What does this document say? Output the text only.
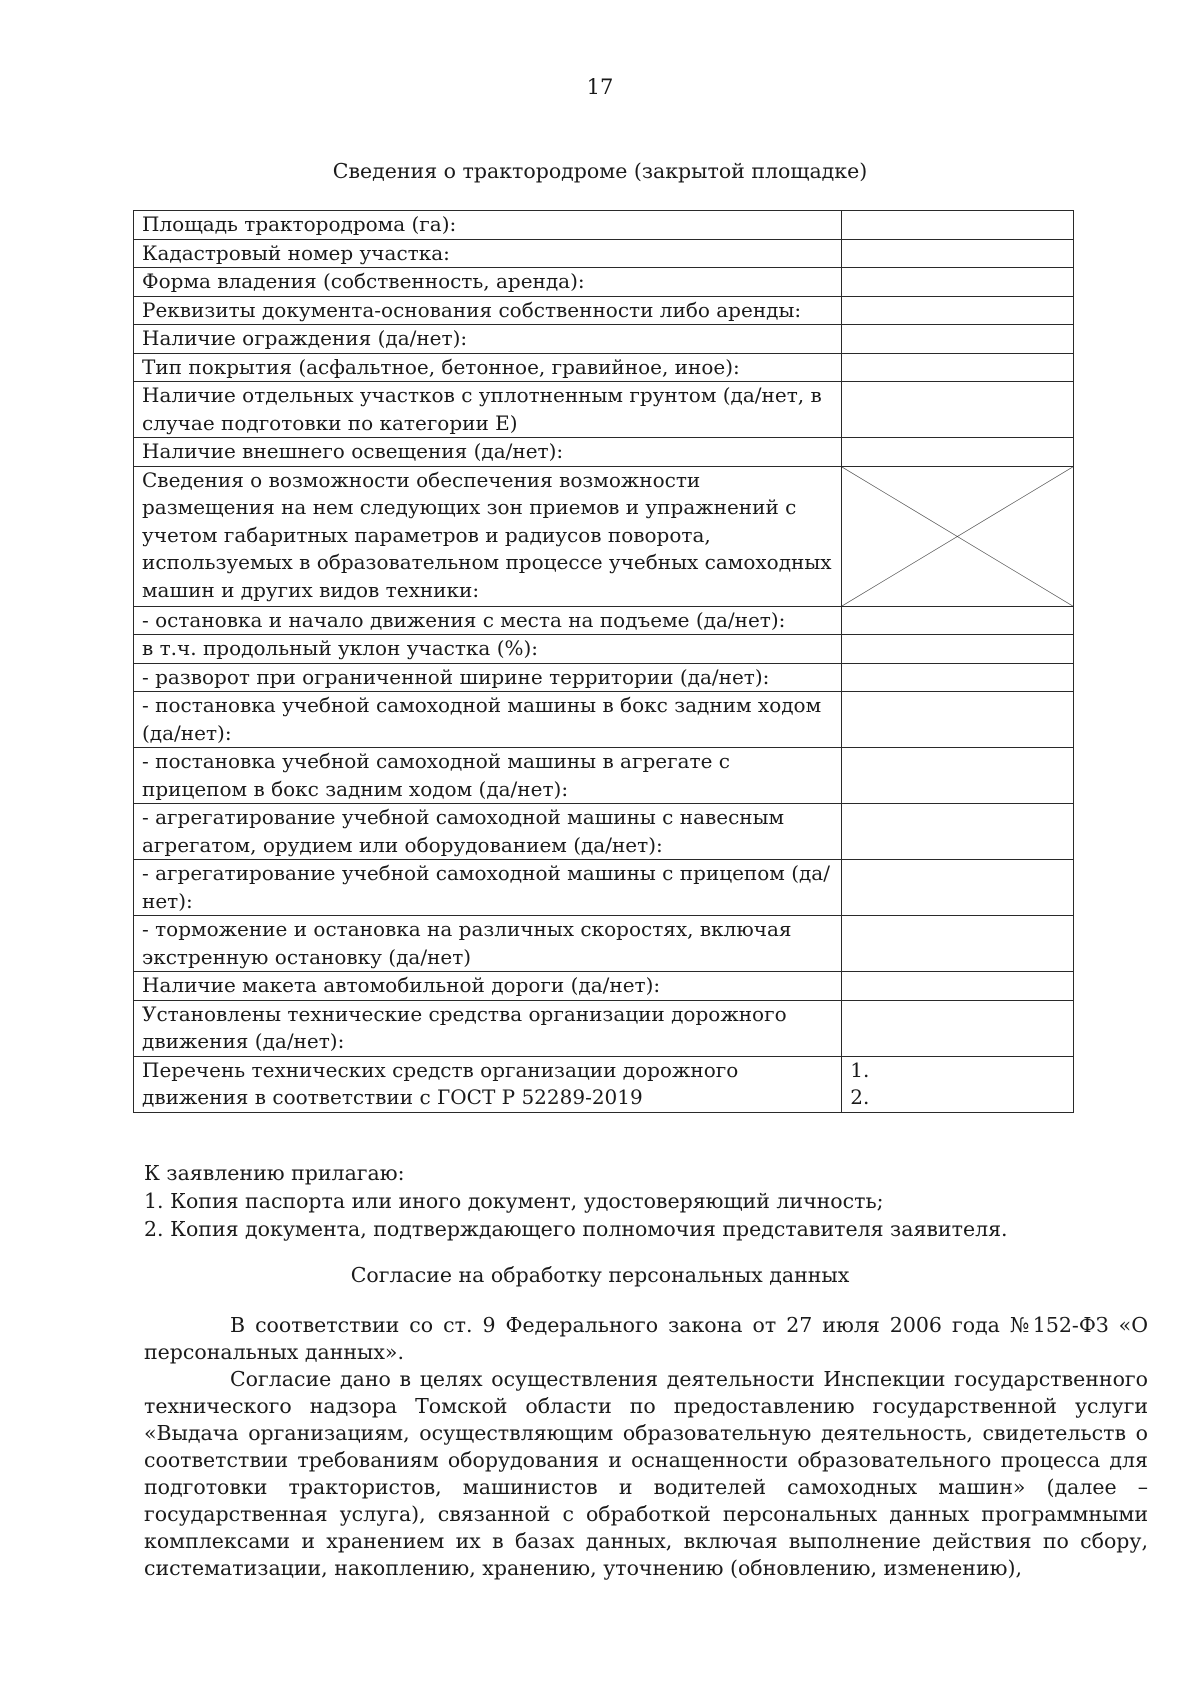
17
Сведения о трактородроме (закрытой площадке)
Площадь трактородрома (га):	
Кадастровый номер участка:	
Форма владения (собственность, аренда):	
Реквизиты документа-основания собственности либо аренды:	
Наличие ограждения (да/нет):	
Тип покрытия (асфальтное, бетонное, гравийное, иное):	
Наличие отдельных участков с уплотненным грунтом (да/нет, в случае подготовки по категории E)	
Наличие внешнего освещения (да/нет):	
Сведения о возможности обеспечения возможности размещения на нем следующих зон приемов и упражнений с учетом габаритных параметров и радиусов поворота, используемых в образовательном процессе учебных самоходных машин и других видов техники:	

- остановка и начало движения с места на подъеме (да/нет):	
в т.ч. продольный уклон участка (%):	
- разворот при ограниченной ширине территории (да/нет):	
- постановка учебной самоходной машины в бокс задним ходом (да/нет):	
- постановка учебной самоходной машины в агрегате с прицепом в бокс задним ходом (да/нет):	
- агрегатирование учебной самоходной машины с навесным агрегатом, орудием или оборудованием (да/нет):	
- агрегатирование учебной самоходной машины с прицепом (да/нет):	
- торможение и остановка на различных скоростях, включая экстренную остановку (да/нет)	
Наличие макета автомобильной дороги (да/нет):	
Установлены технические средства организации дорожного движения (да/нет):	
Перечень технических средств организации дорожного движения в соответствии с ГОСТ Р 52289-2019	1.
2.
К заявлению прилагаю:
1. Копия паспорта или иного документ, удостоверяющий личность;
2. Копия документа, подтверждающего полномочия представителя заявителя.
Согласие на обработку персональных данных

В соответствии со ст. 9 Федерального закона от 27 июля 2006 года №152-ФЗ «О персональных данных».

Согласие дано в целях осуществления деятельности Инспекции государственного технического надзора Томской области по предоставлению государственной услуги «Выдача организациям, осуществляющим образовательную деятельность, свидетельств о соответствии требованиям оборудования и оснащенности образовательного процесса для подготовки трактористов, машинистов и водителей самоходных машин» (далее – государственная услуга), связанной с обработкой персональных данных программными комплексами и хранением их в базах данных, включая выполнение действия по сбору, систематизации, накоплению, хранению, уточнению (обновлению, изменению),
